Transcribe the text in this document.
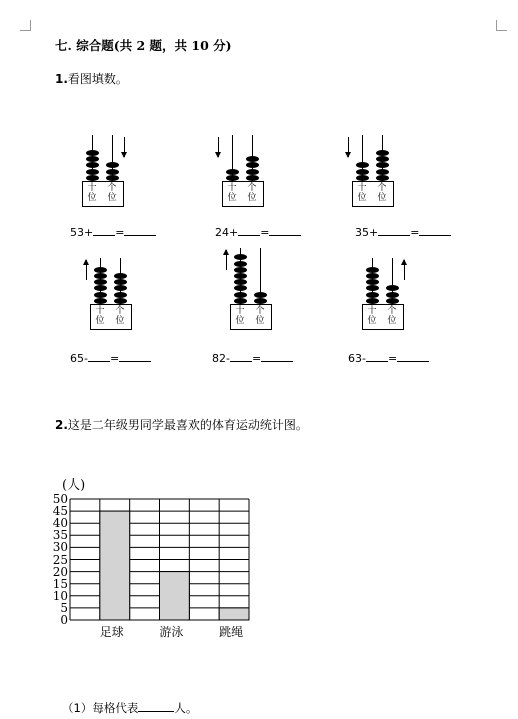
七. 综合题(共 2 题，共 10 分)
1.看图填数。
十
位
个
位
53+ =
十
位
个
位
24+ =
十
位
个
位
35+	=
十
位
个
位
65- =
十
位
个
位
82- =
十
位
个
位
63- =
2.这是二年级男同学最喜欢的体育运动统计图。
(人)
0
5
10
15
20
25
30
35
40
45
50
足球	游泳	跳绳
（1）每格代表	人。
